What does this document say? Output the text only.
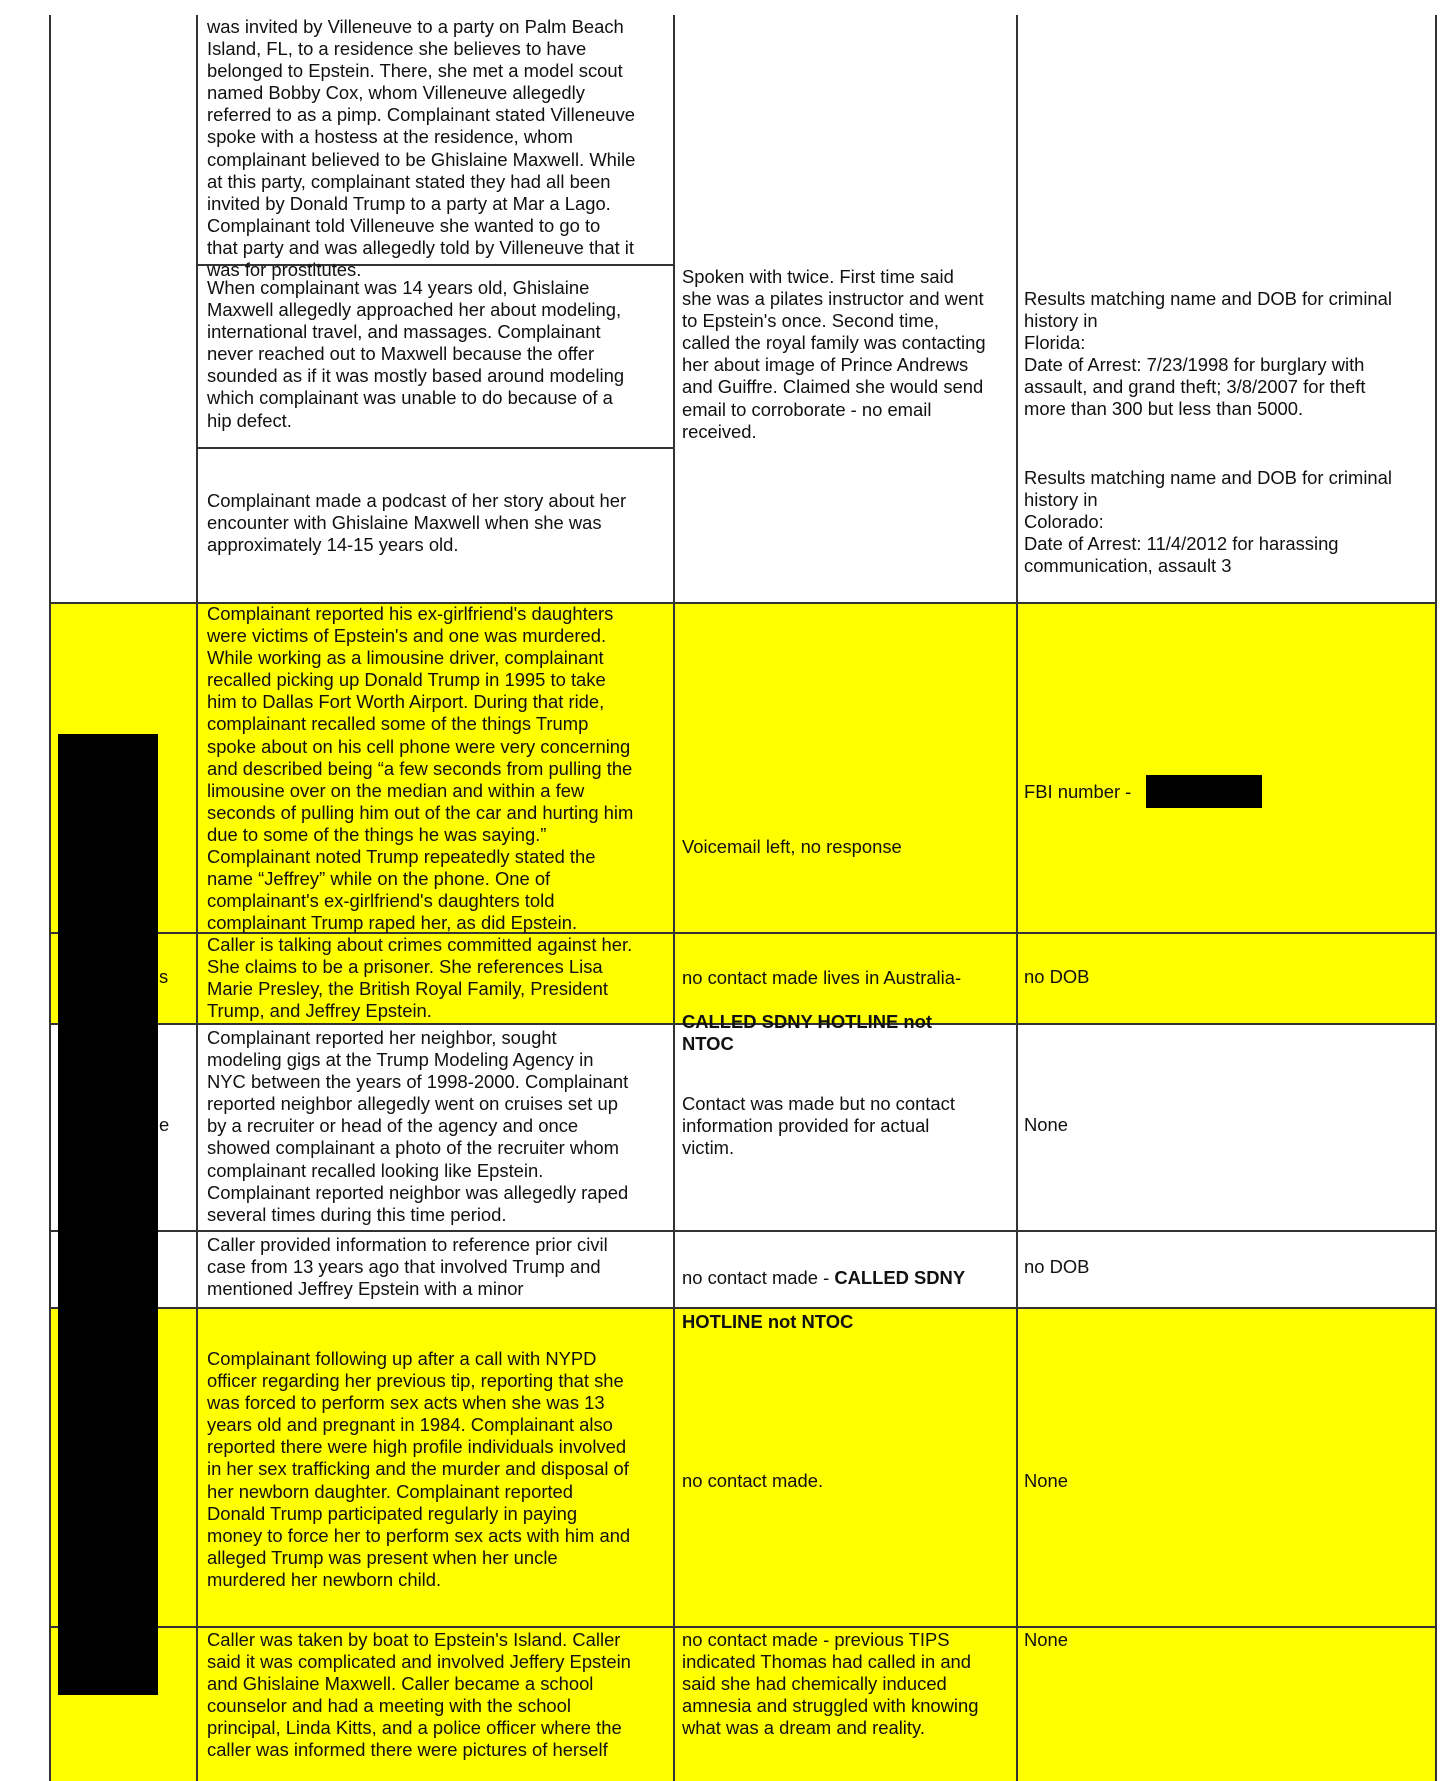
was invited by Villeneuve to a party on Palm Beach
Island, FL, to a residence she believes to have
belonged to Epstein. There, she met a model scout
named Bobby Cox, whom Villeneuve allegedly
referred to as a pimp. Complainant stated Villeneuve
spoke with a hostess at the residence, whom
complainant believed to be Ghislaine Maxwell. While
at this party, complainant stated they had all been
invited by Donald Trump to a party at Mar a Lago.
Complainant told Villeneuve she wanted to go to
that party and was allegedly told by Villeneuve that it
was for prostitutes.
When complainant was 14 years old, Ghislaine
Maxwell allegedly approached her about modeling,
international travel, and massages. Complainant
never reached out to Maxwell because the offer
sounded as if it was mostly based around modeling
which complainant was unable to do because of a
hip defect.
Complainant made a podcast of her story about her
encounter with Ghislaine Maxwell when she was
approximately 14-15 years old.
Spoken with twice. First time said
she was a pilates instructor and went
to Epstein's once. Second time,
called the royal family was contacting
her about image of Prince Andrews
and Guiffre. Claimed she would send
email to corroborate - no email
received.
Results matching name and DOB for criminal
history in
Florida:
Date of Arrest: 7/23/1998 for burglary with
assault, and grand theft; 3/8/2007 for theft
more than 300 but less than 5000.
Results matching name and DOB for criminal
history in
Colorado:
Date of Arrest: 11/4/2012 for harassing
communication, assault 3
Complainant reported his ex-girlfriend's daughters
were victims of Epstein's and one was murdered.
While working as a limousine driver, complainant
recalled picking up Donald Trump in 1995 to take
him to Dallas Fort Worth Airport. During that ride,
complainant recalled some of the things Trump
spoke about on his cell phone were very concerning
and described being “a few seconds from pulling the
limousine over on the median and within a few
seconds of pulling him out of the car and hurting him
due to some of the things he was saying.”
Complainant noted Trump repeatedly stated the
name “Jeffrey” while on the phone. One of
complainant's ex-girlfriend's daughters told
complainant Trump raped her, as did Epstein.
Voicemail left, no response
FBI number -
Caller is talking about crimes committed against her.
She claims to be a prisoner. She references Lisa
Marie Presley, the British Royal Family, President
Trump, and Jeffrey Epstein.

no contact made lives in Australia-

CALLED SDNY HOTLINE not
NTOC

no DOB
s
Complainant reported her neighbor, sought
modeling gigs at the Trump Modeling Agency in
NYC between the years of 1998-2000. Complainant
reported neighbor allegedly went on cruises set up
by a recruiter or head of the agency and once
showed complainant a photo of the recruiter whom
complainant recalled looking like Epstein.
Complainant reported neighbor was allegedly raped
several times during this time period.
Contact was made but no contact
information provided for actual
victim.
None
e
Caller provided information to reference prior civil
case from 13 years ago that involved Trump and
mentioned Jeffrey Epstein with a minor

no contact made - CALLED SDNY

HOTLINE not NTOC

no DOB
Complainant following up after a call with NYPD
officer regarding her previous tip, reporting that she
was forced to perform sex acts when she was 13
years old and pregnant in 1984. Complainant also
reported there were high profile individuals involved
in her sex trafficking and the murder and disposal of
her newborn daughter. Complainant reported
Donald Trump participated regularly in paying
money to force her to perform sex acts with him and
alleged Trump was present when her uncle
murdered her newborn child.
no contact made.	None
Caller was taken by boat to Epstein's Island. Caller
said it was complicated and involved Jeffery Epstein
and Ghislaine Maxwell. Caller became a school
counselor and had a meeting with the school
principal, Linda Kitts, and a police officer where the
caller was informed there were pictures of herself
no contact made - previous TIPS
indicated Thomas had called in and
said she had chemically induced
amnesia and struggled with knowing
what was a dream and reality.
None
